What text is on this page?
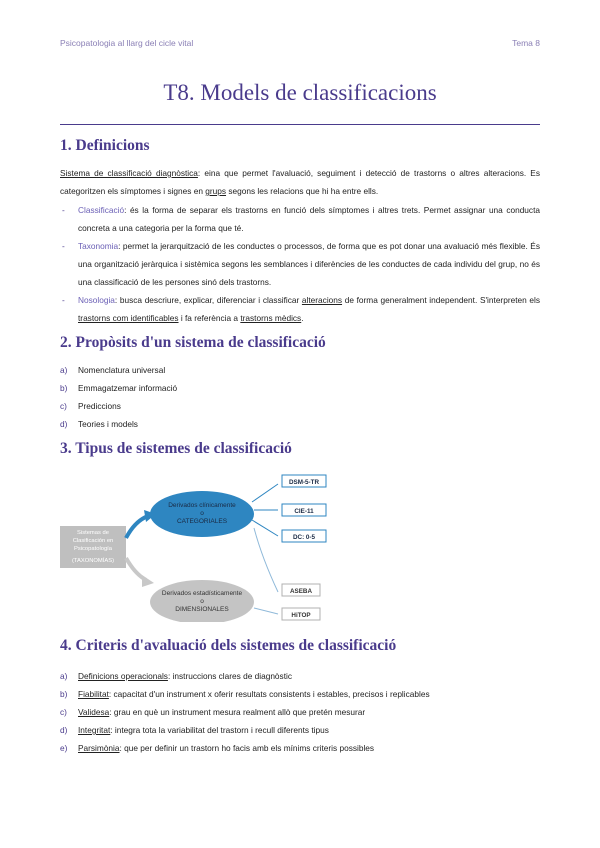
Psicopatologia al llarg del cicle vital	Tema 8
T8. Models de classificacions
1. Definicions
Sistema de classificació diagnòstica: eina que permet l'avaluació, seguiment i detecció de trastorns o altres alteracions. Es categoritzen els símptomes i signes en grups segons les relacions que hi ha entre ells.
- Classificació: és la forma de separar els trastorns en funció dels símptomes i altres trets. Permet assignar una conducta concreta a una categoria per la forma que té.
- Taxonomia: permet la jerarquització de les conductes o processos, de forma que es pot donar una avaluació més flexible. És una organització jeràrquica i sistèmica segons les semblances i diferències de les conductes de cada individu del grup, no és una classificació de les persones sinó dels trastorns.
- Nosologia: busca descriure, explicar, diferenciar i classificar alteracions de forma generalment independent. S'interpreten els trastorns com identificables i fa referència a trastorns mèdics.
2. Propòsits d'un sistema de classificació
a) Nomenclatura universal
b) Emmagatzemar informació
c) Prediccions
d) Teories i models
3. Tipus de sistemes de classificació
Sistemas de
Clasificación en
Psicopatología
(TAXONOMÍAS)
Derivados clínicamente
o
CATEGORIALES
Derivados estadísticamente
o
DIMENSIONALES
DSM-5-TR
CIE-11
DC: 0-5
ASEBA
HiTOP
4. Criteris d'avaluació dels sistemes de classificació
a) Definicions operacionals: instruccions clares de diagnòstic
b) Fiabilitat: capacitat d'un instrument x oferir resultats consistents i estables, precisos i replicables
c) Validesa: grau en què un instrument mesura realment allò que pretén mesurar
d) Integritat: integra tota la variabilitat del trastorn i recull diferents tipus
e) Parsimònia: que per definir un trastorn ho facis amb els mínims criteris possibles
